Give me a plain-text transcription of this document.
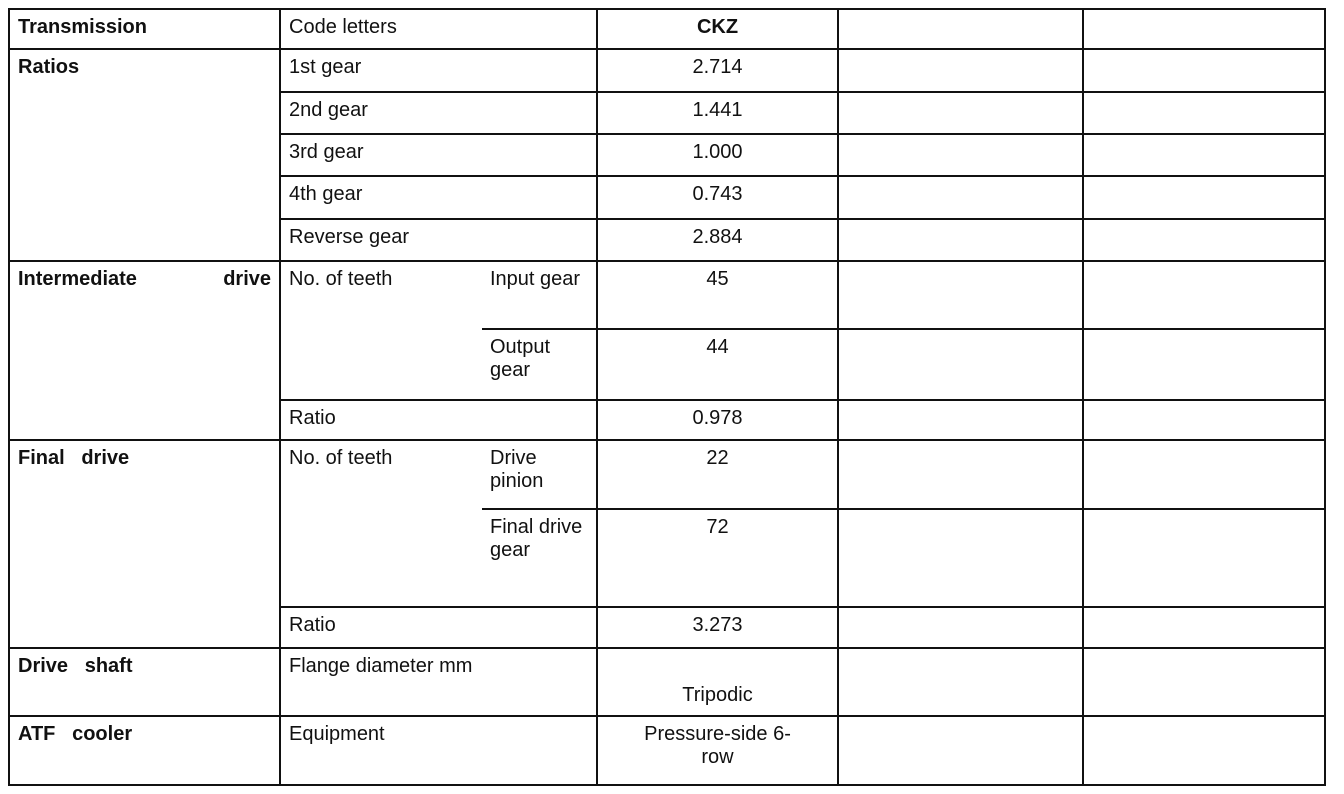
Transmission	Code letters		CKZ		
Ratios	1st gear		2.714		
	2nd gear		1.441		
	3rd gear		1.000		
	4th gear		0.743		
	Reverse gear		2.884		

Intermediate drive	No. of teeth	Input gear	45		
		Output gear	44		
	Ratio		0.978		
Final drive	No. of teeth	Drive pinion	22		
		Final drive gear	72		
	Ratio		3.273		
Drive shaft	Flange diameter mm		Tripodic		
ATF cooler	Equipment		Pressure-side 6-row		
